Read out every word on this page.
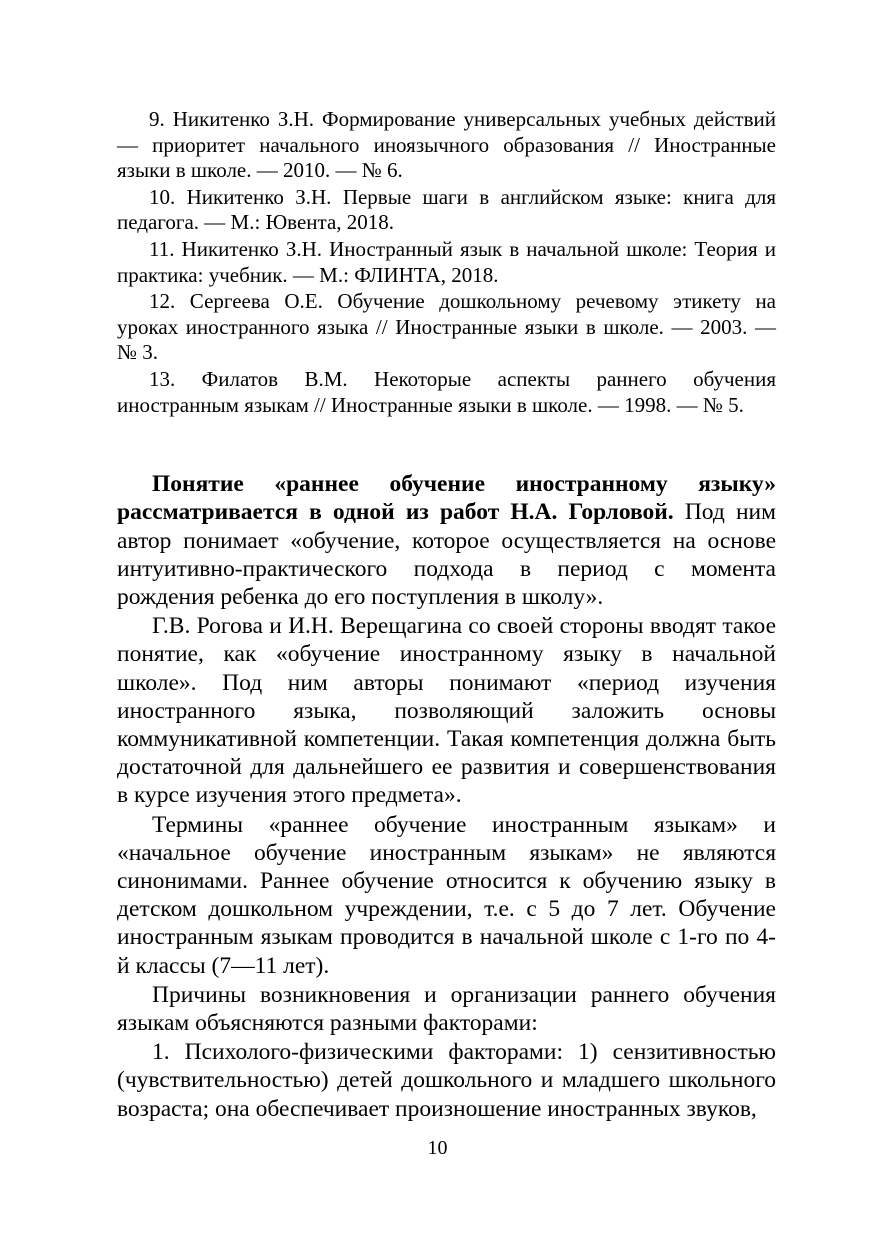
9. Никитенко З.Н. Формирование универсальных учебных действий — приоритет начального иноязычного образования // Иностранные языки в школе. — 2010. — № 6.

10. Никитенко З.Н. Первые шаги в английском языке: книга для педагога. — М.: Ювента, 2018.

11. Никитенко З.Н. Иностранный язык в начальной школе: Теория и практика: учебник. — М.: ФЛИНТА, 2018.

12. Сергеева О.Е. Обучение дошкольному речевому этикету на уроках иностранного языка // Иностранные языки в школе. — 2003. — № 3.

13. Филатов В.М. Некоторые аспекты раннего обучения иностранным языкам // Иностранные языки в школе. — 1998. — № 5.

Понятие «раннее обучение иностранному языку» рассматривается в одной из работ Н.А. Горловой. Под ним автор понимает «обучение, которое осуществляется на основе интуитивно-практического подхода в период с момента рождения ребенка до его поступления в школу».

Г.В. Рогова и И.Н. Верещагина со своей стороны вводят такое понятие, как «обучение иностранному языку в начальной школе». Под ним авторы понимают «период изучения иностранного языка, позволяющий заложить основы коммуникативной компетенции. Такая компетенция должна быть достаточной для дальнейшего ее развития и совершенствования в курсе изучения этого предмета».

Термины «раннее обучение иностранным языкам» и «начальное обучение иностранным языкам» не являются синонимами. Раннее обучение относится к обучению языку в детском дошкольном учреждении, т.е. с 5 до 7 лет. Обучение иностранным языкам проводится в начальной школе с 1-го по 4-й классы (7—11 лет).

Причины возникновения и организации раннего обучения языкам объясняются разными факторами:

1. Психолого-физическими факторами: 1) сензитивностью (чувствительностью) детей дошкольного и младшего школьного возраста; она обеспечивает произношение иностранных звуков,

10
